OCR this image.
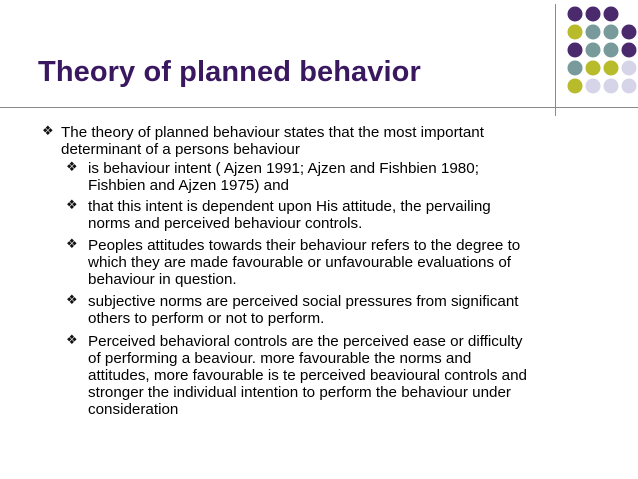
Theory of planned behavior
❖ The theory of planned behaviour states that the most important
determinant of a persons behaviour
❖ is behaviour intent ( Ajzen 1991; Ajzen and Fishbien 1980;
Fishbien and Ajzen 1975) and
❖ that this intent is dependent upon His attitude, the pervailing
norms and perceived behaviour controls.
❖ Peoples attitudes towards their behaviour refers to the degree to
which they are made favourable or unfavourable evaluations of
behaviour in question.
❖ subjective norms are perceived social pressures from significant
others to perform or not to perform.
❖ Perceived behavioral controls are the perceived ease or difficulty
of performing a beaviour. more favourable the norms and
attitudes, more favourable is te perceived beavioural controls and
stronger the individual intention to perform the behaviour under
consideration
